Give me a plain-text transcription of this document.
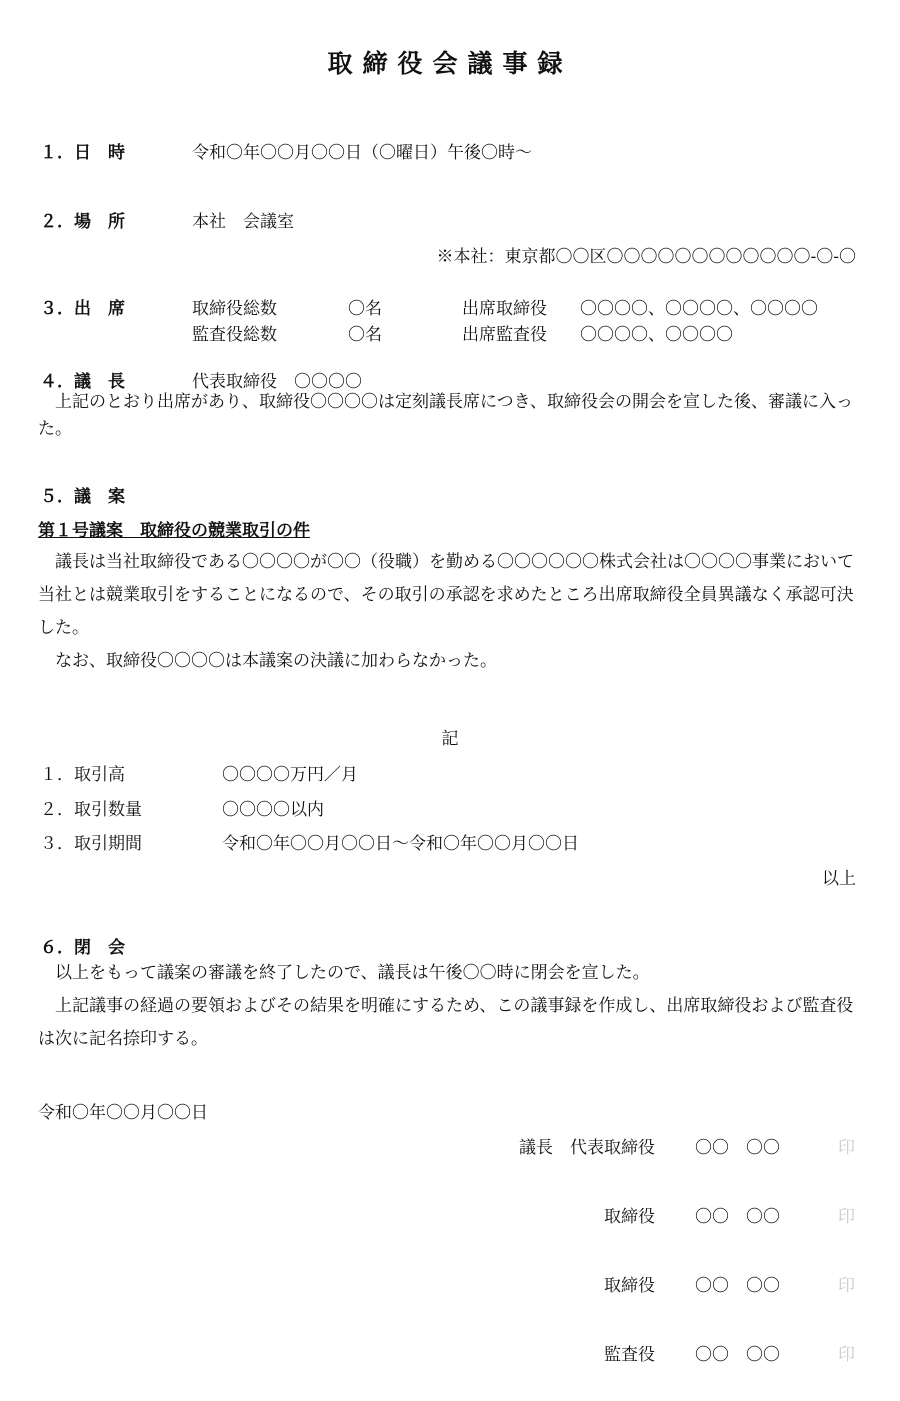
取締役会議事録
１．日　時	令和〇年〇〇月〇〇日（〇曜日）午後〇時～
２．場　所	本社　会議室
※本社：東京都〇〇区〇〇〇〇〇〇〇〇〇〇〇〇-〇-〇
３．出　席	取締役総数	〇名	出席取締役 〇〇〇〇、〇〇〇〇、〇〇〇〇
監査役総数	〇名	出席監査役 〇〇〇〇、〇〇〇〇
４．議　長	代表取締役　〇〇〇〇

上記のとおり出席があり、取締役〇〇〇〇は定刻議長席につき、取締役会の開会を宣した後、審議に入った。

５．議　案
第１号議案　取締役の競業取引の件

議長は当社取締役である〇〇〇〇が〇〇（役職）を勤める〇〇〇〇〇〇株式会社は〇〇〇〇事業において当社とは競業取引をすることになるので、その取引の承認を求めたところ出席取締役全員異議なく承認可決した。

なお、取締役〇〇〇〇は本議案の決議に加わらなかった。

記
１．取引高	〇〇〇〇万円／月
２．取引数量	〇〇〇〇以内
３．取引期間	令和〇年〇〇月〇〇日～令和〇年〇〇月〇〇日
以上
６．閉　会

以上をもって議案の審議を終了したので、議長は午後〇〇時に閉会を宣した。

上記議事の経過の要領およびその結果を明確にするため、この議事録を作成し、出席取締役および監査役は次に記名捺印する。

令和〇年〇〇月〇〇日
議長　代表取締役 〇〇　〇〇	印
取締役 〇〇　〇〇	印
取締役 〇〇　〇〇	印
監査役 〇〇　〇〇	印
